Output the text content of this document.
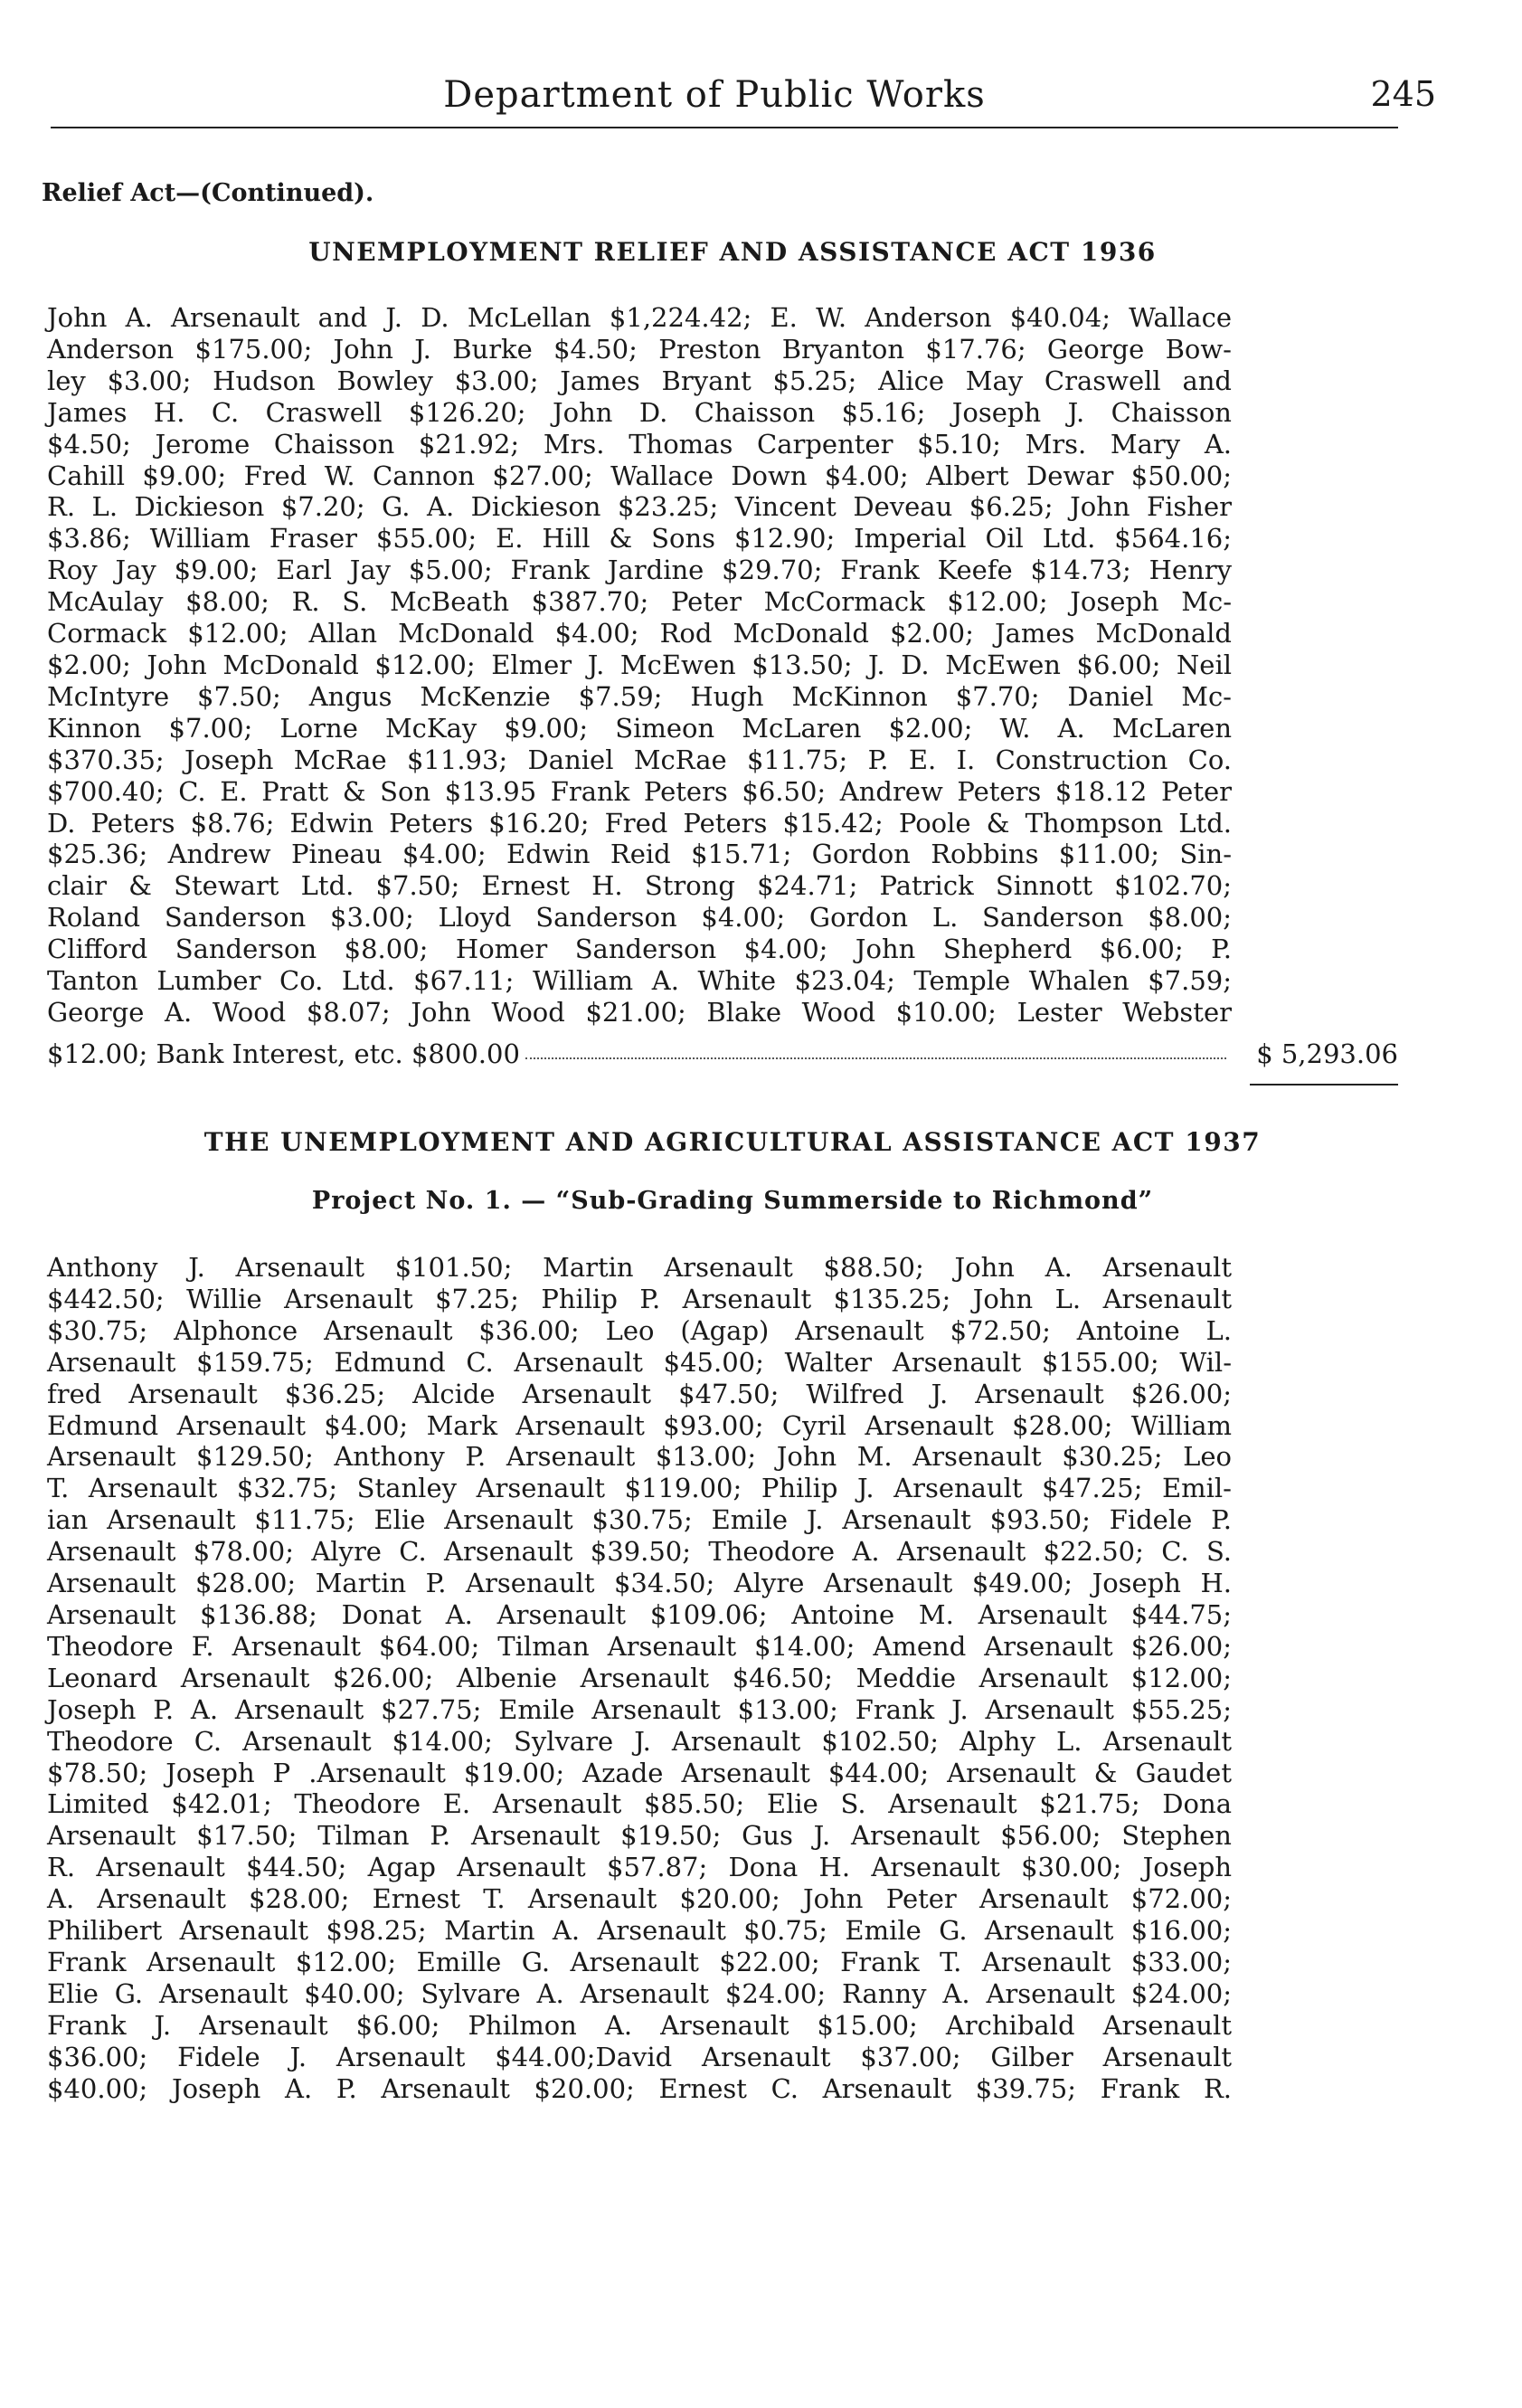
Department of Public Works	245
Relief Act—(Continued).
UNEMPLOYMENT RELIEF AND ASSISTANCE ACT 1936
John A. Arsenault and J. D. McLellan $1,224.42; E. W. Anderson $40.04; Wallace
Anderson $175.00; John J. Burke $4.50; Preston Bryanton $17.76; George Bow-
ley $3.00; Hudson Bowley $3.00; James Bryant $5.25; Alice May Craswell and
James H. C. Craswell $126.20; John D. Chaisson $5.16; Joseph J. Chaisson
$4.50; Jerome Chaisson $21.92; Mrs. Thomas Carpenter $5.10; Mrs. Mary A.
Cahill $9.00; Fred W. Cannon $27.00; Wallace Down $4.00; Albert Dewar $50.00;
R. L. Dickieson $7.20; G. A. Dickieson $23.25; Vincent Deveau $6.25; John Fisher
$3.86; William Fraser $55.00; E. Hill & Sons $12.90; Imperial Oil Ltd. $564.16;
Roy Jay $9.00; Earl Jay $5.00; Frank Jardine $29.70; Frank Keefe $14.73; Henry
McAulay $8.00; R. S. McBeath $387.70; Peter McCormack $12.00; Joseph Mc-
Cormack $12.00; Allan McDonald $4.00; Rod McDonald $2.00; James McDonald
$2.00; John McDonald $12.00; Elmer J. McEwen $13.50; J. D. McEwen $6.00; Neil
McIntyre $7.50; Angus McKenzie $7.59; Hugh McKinnon $7.70; Daniel Mc-
Kinnon $7.00; Lorne McKay $9.00; Simeon McLaren $2.00; W. A. McLaren
$370.35; Joseph McRae $11.93; Daniel McRae $11.75; P. E. I. Construction Co.
$700.40; C. E. Pratt & Son $13.95 Frank Peters $6.50; Andrew Peters $18.12 Peter
D. Peters $8.76; Edwin Peters $16.20; Fred Peters $15.42; Poole & Thompson Ltd.
$25.36; Andrew Pineau $4.00; Edwin Reid $15.71; Gordon Robbins $11.00; Sin-
clair & Stewart Ltd. $7.50; Ernest H. Strong $24.71; Patrick Sinnott $102.70;
Roland Sanderson $3.00; Lloyd Sanderson $4.00; Gordon L. Sanderson $8.00;
Clifford Sanderson $8.00; Homer Sanderson $4.00; John Shepherd $6.00; P.
Tanton Lumber Co. Ltd. $67.11; William A. White $23.04; Temple Whalen $7.59;
George A. Wood $8.07; John Wood $21.00; Blake Wood $10.00; Lester Webster
$12.00; Bank Interest, etc. $800.00	$ 5,293.06
THE UNEMPLOYMENT AND AGRICULTURAL ASSISTANCE ACT 1937
Project No. 1. — “Sub-Grading Summerside to Richmond”
Anthony J. Arsenault $101.50; Martin Arsenault $88.50; John A. Arsenault
$442.50; Willie Arsenault $7.25; Philip P. Arsenault $135.25; John L. Arsenault
$30.75; Alphonce Arsenault $36.00; Leo (Agap) Arsenault $72.50; Antoine L.
Arsenault $159.75; Edmund C. Arsenault $45.00; Walter Arsenault $155.00; Wil-
fred Arsenault $36.25; Alcide Arsenault $47.50; Wilfred J. Arsenault $26.00;
Edmund Arsenault $4.00; Mark Arsenault $93.00; Cyril Arsenault $28.00; William
Arsenault $129.50; Anthony P. Arsenault $13.00; John M. Arsenault $30.25; Leo
T. Arsenault $32.75; Stanley Arsenault $119.00; Philip J. Arsenault $47.25; Emil-
ian Arsenault $11.75; Elie Arsenault $30.75; Emile J. Arsenault $93.50; Fidele P.
Arsenault $78.00; Alyre C. Arsenault $39.50; Theodore A. Arsenault $22.50; C. S.
Arsenault $28.00; Martin P. Arsenault $34.50; Alyre Arsenault $49.00; Joseph H.
Arsenault $136.88; Donat A. Arsenault $109.06; Antoine M. Arsenault $44.75;
Theodore F. Arsenault $64.00; Tilman Arsenault $14.00; Amend Arsenault $26.00;
Leonard Arsenault $26.00; Albenie Arsenault $46.50; Meddie Arsenault $12.00;
Joseph P. A. Arsenault $27.75; Emile Arsenault $13.00; Frank J. Arsenault $55.25;
Theodore C. Arsenault $14.00; Sylvare J. Arsenault $102.50; Alphy L. Arsenault
$78.50; Joseph P .Arsenault $19.00; Azade Arsenault $44.00; Arsenault & Gaudet
Limited $42.01; Theodore E. Arsenault $85.50; Elie S. Arsenault $21.75; Dona
Arsenault $17.50; Tilman P. Arsenault $19.50; Gus J. Arsenault $56.00; Stephen
R. Arsenault $44.50; Agap Arsenault $57.87; Dona H. Arsenault $30.00; Joseph
A. Arsenault $28.00; Ernest T. Arsenault $20.00; John Peter Arsenault $72.00;
Philibert Arsenault $98.25; Martin A. Arsenault $0.75; Emile G. Arsenault $16.00;
Frank Arsenault $12.00; Emille G. Arsenault $22.00; Frank T. Arsenault $33.00;
Elie G. Arsenault $40.00; Sylvare A. Arsenault $24.00; Ranny A. Arsenault $24.00;
Frank J. Arsenault $6.00; Philmon A. Arsenault $15.00; Archibald Arsenault
$36.00; Fidele J. Arsenault $44.00;David Arsenault $37.00; Gilber Arsenault
$40.00; Joseph A. P. Arsenault $20.00; Ernest C. Arsenault $39.75; Frank R.
